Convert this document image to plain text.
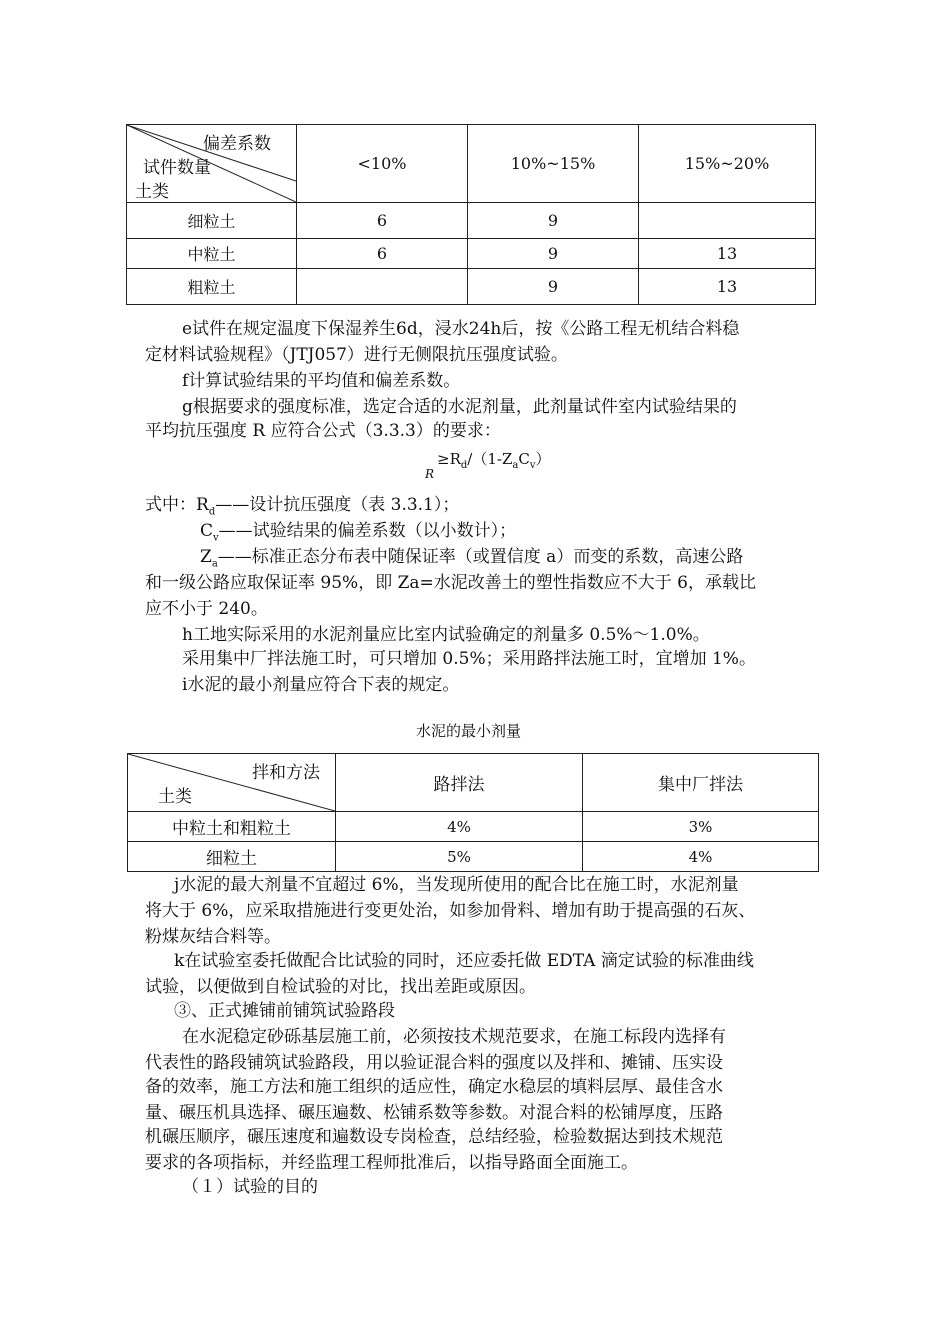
偏差系数
试件数量
土类	<10%	10%~15%	15%~20%
细粒土	6	9	
中粒土	6	9	13
粗粒土		9	13
e试件在规定温度下保湿养生6d，浸水24h后，按《公路工程无机结合料稳
定材料试验规程》（JTJ057）进行无侧限抗压强度试验。
f计算试验结果的平均值和偏差系数。
g根据要求的强度标准，选定合适的水泥剂量，此剂量试件室内试验结果的
平均抗压强度 R 应符合公式（3.3.3）的要求：
$\ge R_d/(1-Z_aC_v)$
R
式中：$R_d——$设计抗压强度（表 3.3.1）；
$C_v——$试验结果的偏差系数（以小数计）；
$Z_a——$标准正态分布表中随保证率（或置信度 a）而变的系数，高速公路
和一级公路应取保证率 95%，即 Za=水泥改善土的塑性指数应不大于 6，承载比
应不小于 240。
h工地实际采用的水泥剂量应比室内试验确定的剂量多 0.5%～1.0%。
采用集中厂拌法施工时，可只增加 0.5%；采用路拌法施工时，宜增加 1%。
i水泥的最小剂量应符合下表的规定。
水泥的最小剂量
拌和方法
土类	路拌法	集中厂拌法
中粒土和粗粒土	4%	3%
细粒土	5%	4%
j水泥的最大剂量不宜超过 6%，当发现所使用的配合比在施工时，水泥剂量
将大于 6%，应采取措施进行变更处治，如参加骨料、增加有助于提高强的石灰、
粉煤灰结合料等。
k在试验室委托做配合比试验的同时，还应委托做 EDTA 滴定试验的标准曲线
试验，以便做到自检试验的对比，找出差距或原因。
③、正式摊铺前铺筑试验路段
在水泥稳定砂砾基层施工前，必须按技术规范要求，在施工标段内选择有
代表性的路段铺筑试验路段，用以验证混合料的强度以及拌和、摊铺、压实设
备的效率，施工方法和施工组织的适应性，确定水稳层的填料层厚、最佳含水
量、碾压机具选择、碾压遍数、松铺系数等参数。对混合料的松铺厚度，压路
机碾压顺序，碾压速度和遍数设专岗检查，总结经验，检验数据达到技术规范
要求的各项指标，并经监理工程师批准后，以指导路面全面施工。
（１）试验的目的
